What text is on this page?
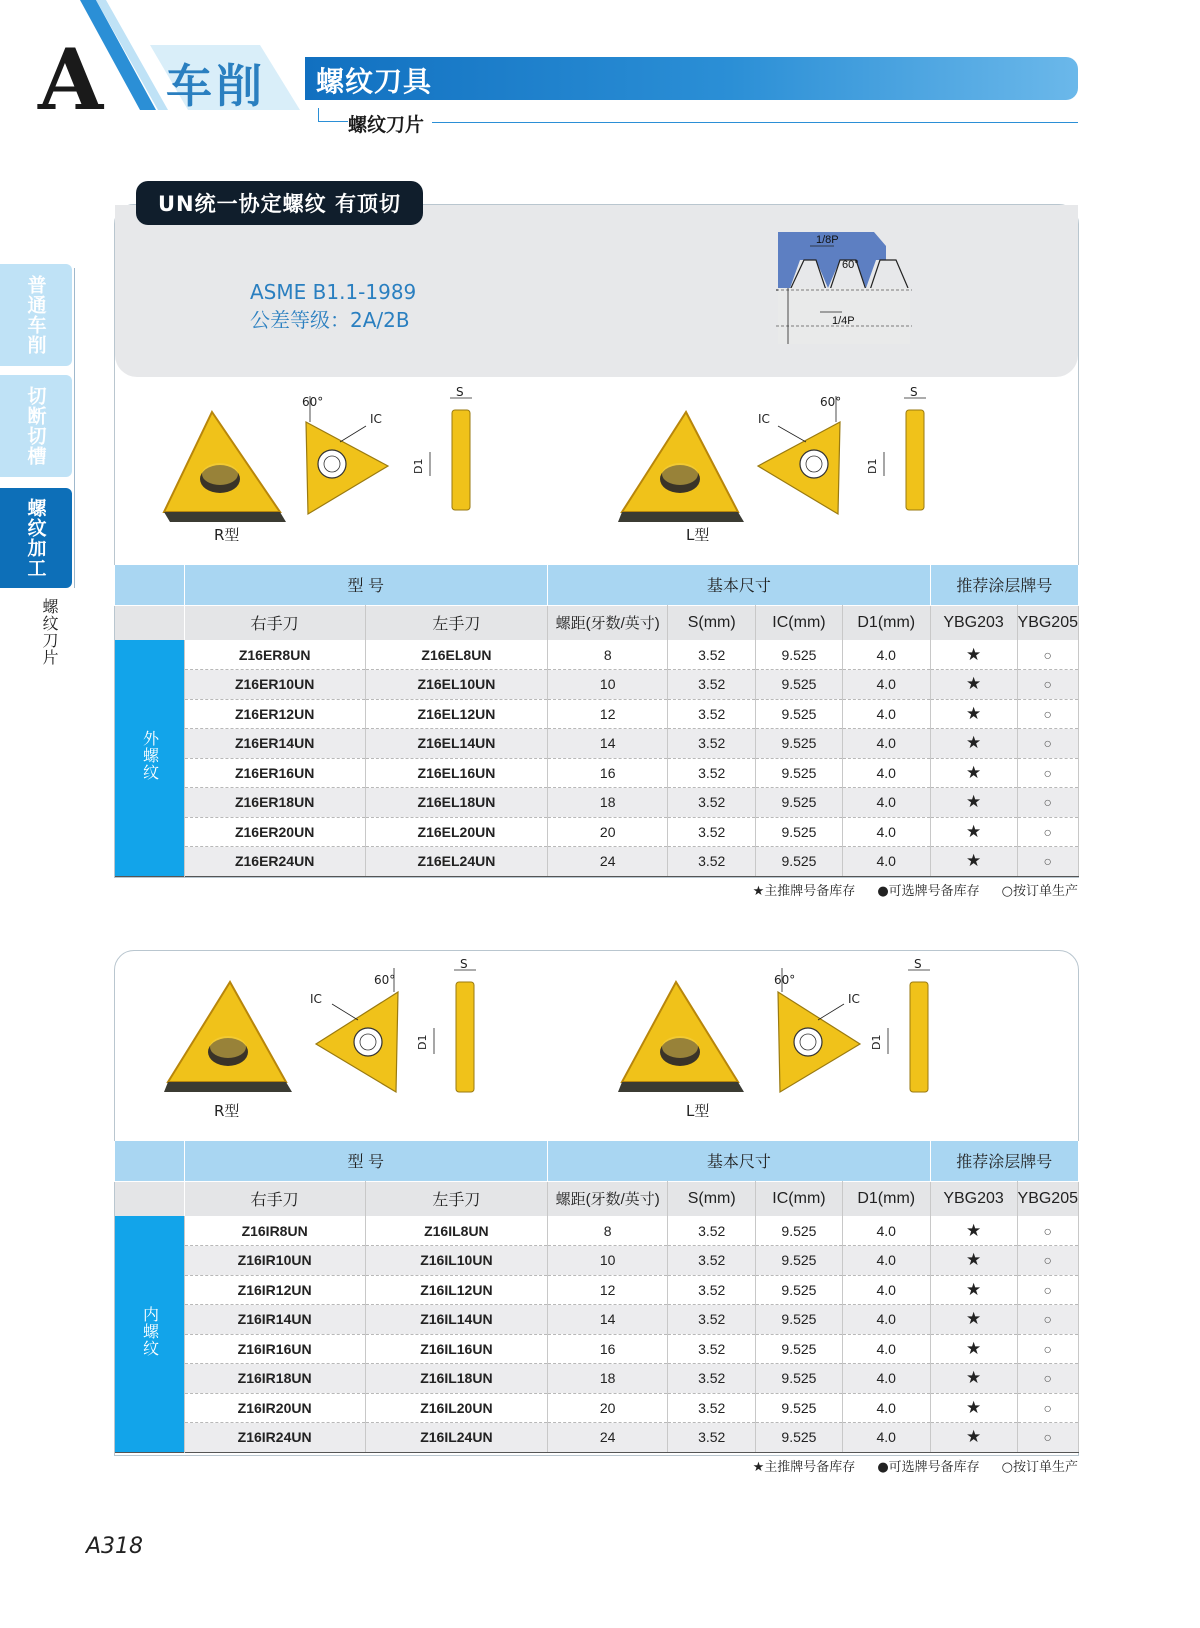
A 车削 螺纹刀具
螺纹刀片
普通车削
切断切槽
螺纹加工
螺纹刀片
UN统一协定螺纹 有顶切
ASME B1.1-1989
公差等级：2A/2B
1/8P
60°
1/4P
60°
IC
S
D1
R型
60°
IC
S
D1
L型
	型 号		基本尺寸				推荐涂层牌号	
	右手刀	左手刀	螺距(牙数/英寸)	S(mm)	IC(mm)	D1(mm)	YBG203	YBG205
外螺纹	Z16ER8UN	Z16EL8UN	8	3.52	9.525	4.0	★	○
	Z16ER10UN	Z16EL10UN	10	3.52	9.525	4.0	★	○
	Z16ER12UN	Z16EL12UN	12	3.52	9.525	4.0	★	○
	Z16ER14UN	Z16EL14UN	14	3.52	9.525	4.0	★	○
	Z16ER16UN	Z16EL16UN	16	3.52	9.525	4.0	★	○
	Z16ER18UN	Z16EL18UN	18	3.52	9.525	4.0	★	○
	Z16ER20UN	Z16EL20UN	20	3.52	9.525	4.0	★	○
	Z16ER24UN	Z16EL24UN	24	3.52	9.525	4.0	★	○
★主推牌号备库存 ●可选牌号备库存 ○按订单生产
60°
IC
S
D1
R型
60°
IC
S
D1
L型
	型 号		基本尺寸				推荐涂层牌号	
	右手刀	左手刀	螺距(牙数/英寸)	S(mm)	IC(mm)	D1(mm)	YBG203	YBG205
内螺纹	Z16IR8UN	Z16IL8UN	8	3.52	9.525	4.0	★	○
	Z16IR10UN	Z16IL10UN	10	3.52	9.525	4.0	★	○
	Z16IR12UN	Z16IL12UN	12	3.52	9.525	4.0	★	○
	Z16IR14UN	Z16IL14UN	14	3.52	9.525	4.0	★	○
	Z16IR16UN	Z16IL16UN	16	3.52	9.525	4.0	★	○
	Z16IR18UN	Z16IL18UN	18	3.52	9.525	4.0	★	○
	Z16IR20UN	Z16IL20UN	20	3.52	9.525	4.0	★	○
	Z16IR24UN	Z16IL24UN	24	3.52	9.525	4.0	★	○
★主推牌号备库存 ●可选牌号备库存 ○按订单生产
A318
